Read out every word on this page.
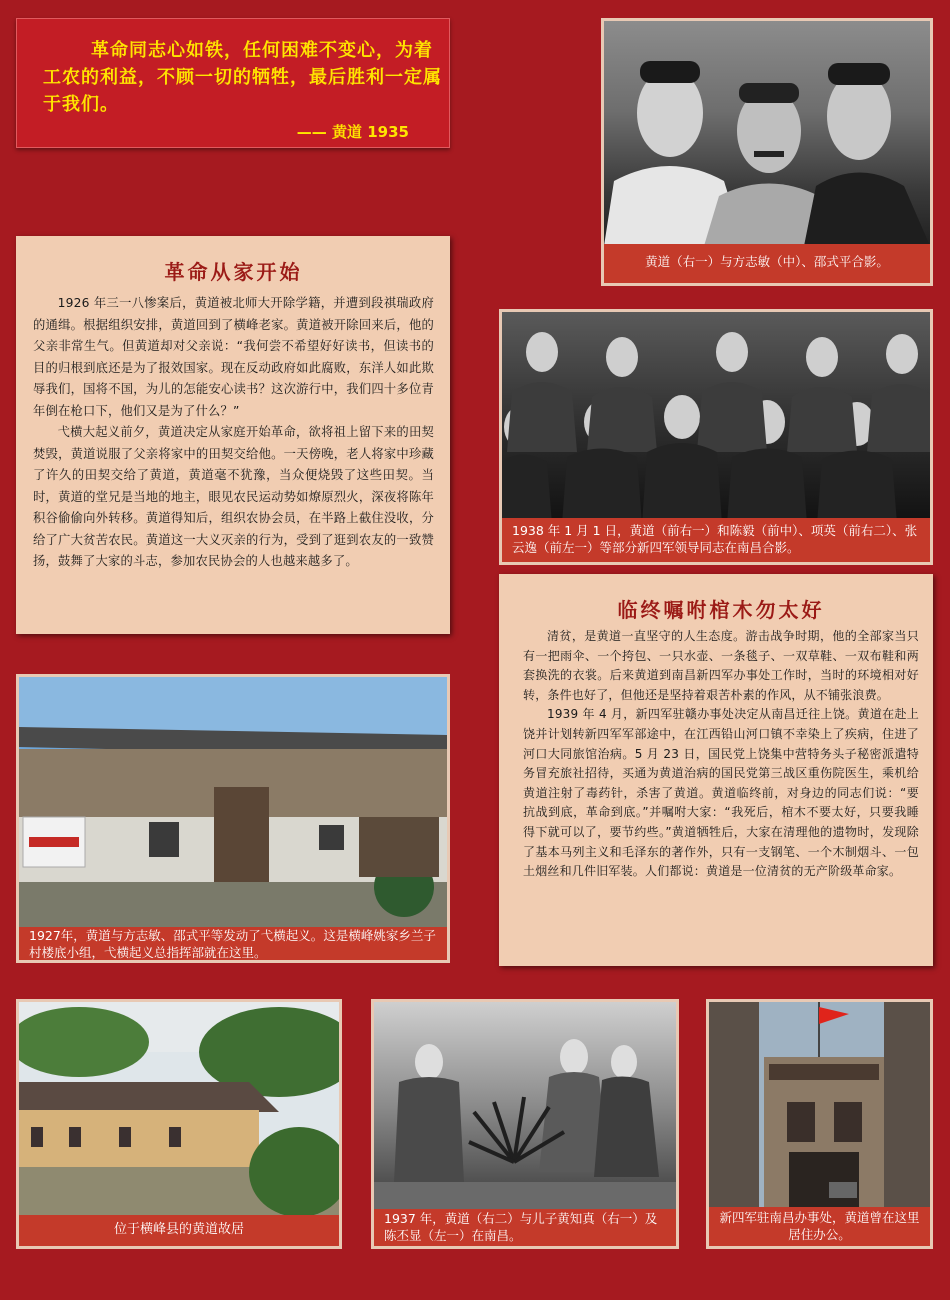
革命同志心如铁，任何困难不变心，为着工农的利益，不顾一切的牺牲，最后胜利一定属于我们。
—— 黄道 1935
黄道（右一）与方志敏（中）、邵式平合影。
革命从家开始

1926 年三一八惨案后，黄道被北师大开除学籍，并遭到段祺瑞政府的通缉。根据组织安排，黄道回到了横峰老家。黄道被开除回来后，他的父亲非常生气。但黄道却对父亲说：“我何尝不希望好好读书，但读书的目的归根到底还是为了报效国家。现在反动政府如此腐败，东洋人如此欺辱我们，国将不国，为儿的怎能安心读书？这次游行中，我们四十多位青年倒在枪口下，他们又是为了什么？”

弋横大起义前夕，黄道决定从家庭开始革命，欲将祖上留下来的田契焚毁，黄道说服了父亲将家中的田契交给他。一天傍晚，老人将家中珍藏了许久的田契交给了黄道，黄道毫不犹豫，当众便烧毁了这些田契。当时，黄道的堂兄是当地的地主，眼见农民运动势如燎原烈火，深夜将陈年积谷偷偷向外转移。黄道得知后，组织农协会员，在半路上截住没收，分给了广大贫苦农民。黄道这一大义灭亲的行为，受到了逛到农友的一致赞扬，鼓舞了大家的斗志，参加农民协会的人也越来越多了。

1938 年 1 月 1 日，黄道（前右一）和陈毅（前中）、项英（前右二）、张云逸（前左一）等部分新四军领导同志在南昌合影。
临终嘱咐棺木勿太好

清贫，是黄道一直坚守的人生态度。游击战争时期，他的全部家当只有一把雨伞、一个挎包、一只水壶、一条毯子、一双草鞋、一双布鞋和两套换洗的衣裳。后来黄道到南昌新四军办事处工作时，当时的环境相对好转，条件也好了，但他还是坚持着艰苦朴素的作风，从不铺张浪费。

1939 年 4 月，新四军驻赣办事处决定从南昌迁往上饶。黄道在赴上饶并计划转新四军军部途中，在江西铅山河口镇不幸染上了疾病，住进了河口大同旅馆治病。5 月 23 日，国民党上饶集中营特务头子秘密派遣特务冒充旅社招待，买通为黄道治病的国民党第三战区重伤院医生，乘机给黄道注射了毒药针，杀害了黄道。黄道临终前，对身边的同志们说：“要抗战到底，革命到底。”并嘱咐大家：“我死后，棺木不要太好，只要我睡得下就可以了，要节约些。”黄道牺牲后，大家在清理他的遗物时，发现除了基本马列主义和毛泽东的著作外，只有一支钢笔、一个木制烟斗、一包土烟丝和几件旧军装。人们都说：黄道是一位清贫的无产阶级革命家。

1927年，黄道与方志敏、邵式平等发动了弋横起义。这是横峰姚家乡兰子村楼底小组，弋横起义总指挥部就在这里。
位于横峰县的黄道故居
1937 年，黄道（右二）与儿子黄知真（右一）及陈丕显（左一）在南昌。
新四军驻南昌办事处，黄道曾在这里居住办公。
